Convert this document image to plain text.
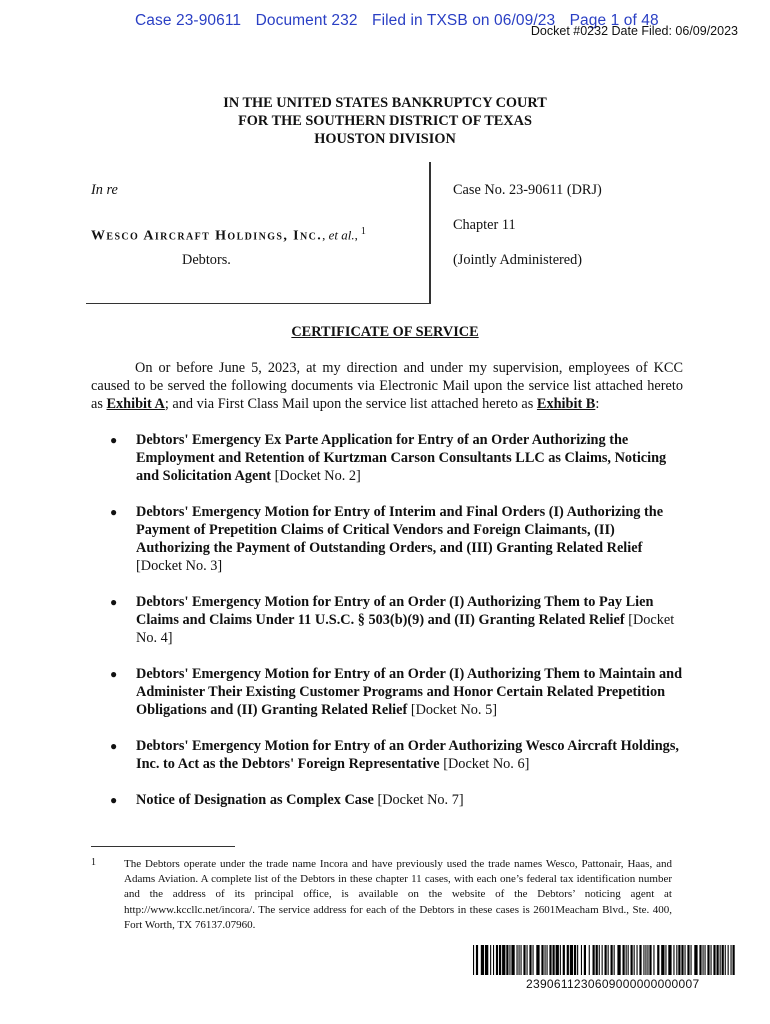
Case 23-90611 Document 232 Filed in TXSB on 06/09/23 Page 1 of 48
Docket #0232 Date Filed: 06/09/2023
IN THE UNITED STATES BANKRUPTCY COURT
FOR THE SOUTHERN DISTRICT OF TEXAS
HOUSTON DIVISION
In re
Wesco Aircraft Holdings, Inc., et al., $^1$
Debtors.
Case No. 23-90611 (DRJ)
Chapter 11
(Jointly Administered)
CERTIFICATE OF SERVICE
On or before June 5, 2023, at my direction and under my supervision, employees of KCC caused to be served the following documents via Electronic Mail upon the service list attached hereto as Exhibit A; and via First Class Mail upon the service list attached hereto as Exhibit B:
● Debtors' Emergency Ex Parte Application for Entry of an Order Authorizing the Employment and Retention of Kurtzman Carson Consultants LLC as Claims, Noticing and Solicitation Agent [Docket No. 2]
● Debtors' Emergency Motion for Entry of Interim and Final Orders (I) Authorizing the Payment of Prepetition Claims of Critical Vendors and Foreign Claimants, (II) Authorizing the Payment of Outstanding Orders, and (III) Granting Related Relief [Docket No. 3]
● Debtors' Emergency Motion for Entry of an Order (I) Authorizing Them to Pay Lien Claims and Claims Under 11 U.S.C. § 503(b)(9) and (II) Granting Related Relief [Docket No. 4]
● Debtors' Emergency Motion for Entry of an Order (I) Authorizing Them to Maintain and Administer Their Existing Customer Programs and Honor Certain Related Prepetition Obligations and (II) Granting Related Relief [Docket No. 5]
● Debtors' Emergency Motion for Entry of an Order Authorizing Wesco Aircraft Holdings, Inc. to Act as the Debtors' Foreign Representative [Docket No. 6]
● Notice of Designation as Complex Case [Docket No. 7]
1	The Debtors operate under the trade name Incora and have previously used the trade names Wesco, Pattonair, Haas, and Adams Aviation. A complete list of the Debtors in these chapter 11 cases, with each one’s federal tax identification number and the address of its principal office, is available on the website of the Debtors’ noticing agent at http://www.kccllc.net/incora/. The service address for each of the Debtors in these cases is 2601Meacham Blvd., Ste. 400, Fort Worth, TX 76137.07960.
2390611230609000000000007
